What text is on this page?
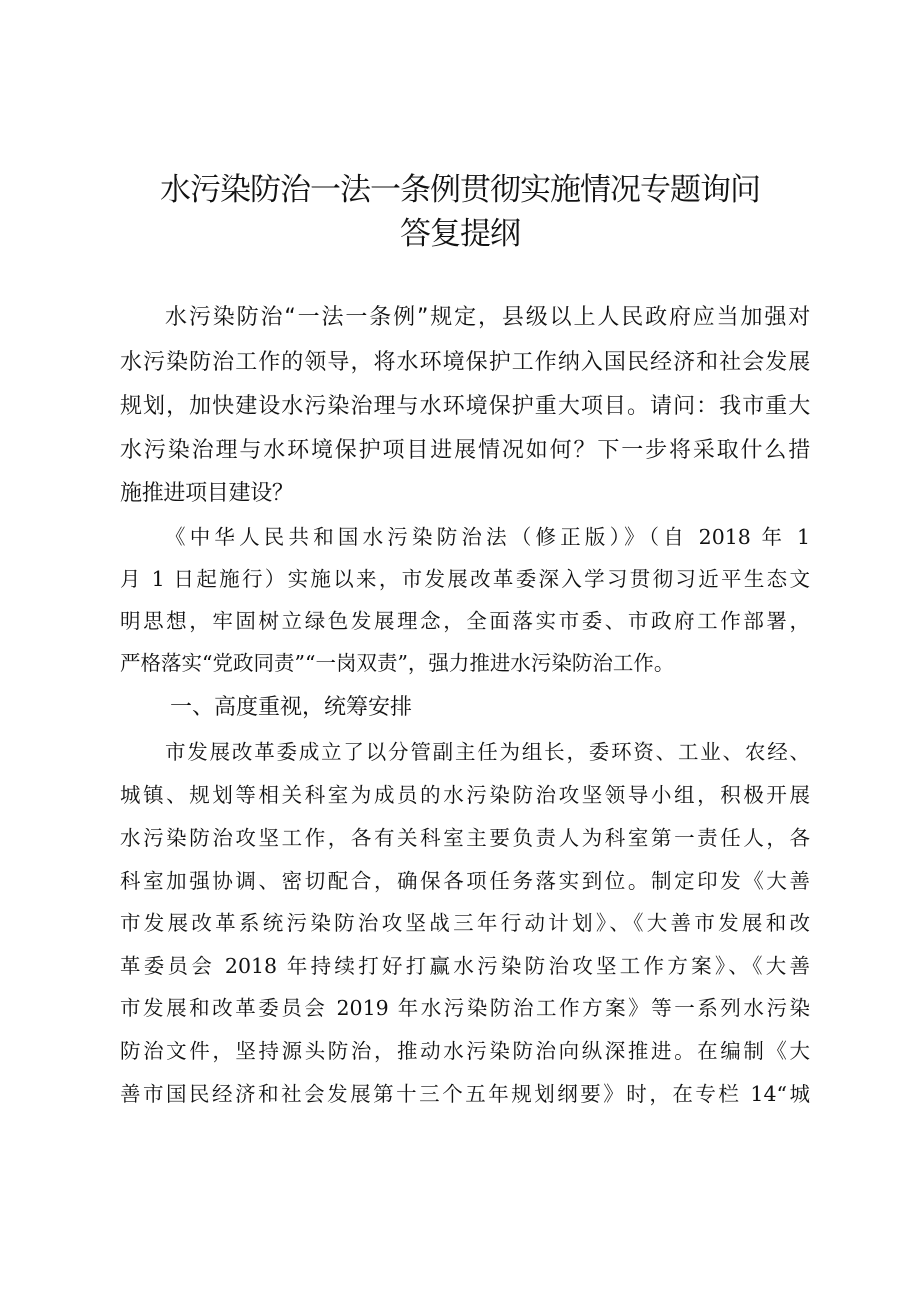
水污染防治一法一条例贯彻实施情况专题询问
答复提纲
水污染防治“一法一条例”规定，县级以上人民政府应当加强对
水污染防治工作的领导，将水环境保护工作纳入国民经济和社会发展
规划，加快建设水污染治理与水环境保护重大项目。请问：我市重大
水污染治理与水环境保护项目进展情况如何？下一步将采取什么措
施推进项目建设？
《中华人民共和国水污染防治法（修正版）》（自 2018 年 1
月 1 日起施行）实施以来，市发展改革委深入学习贯彻习近平生态文
明思想，牢固树立绿色发展理念，全面落实市委、市政府工作部署，
严格落实“党政同责”“一岗双责”，强力推进水污染防治工作。
一、高度重视，统筹安排
市发展改革委成立了以分管副主任为组长，委环资、工业、农经、
城镇、规划等相关科室为成员的水污染防治攻坚领导小组，积极开展
水污染防治攻坚工作，各有关科室主要负责人为科室第一责任人，各
科室加强协调、密切配合，确保各项任务落实到位。制定印发《大善
市发展改革系统污染防治攻坚战三年行动计划》、《大善市发展和改
革委员会 2018 年持续打好打赢水污染防治攻坚工作方案》、《大善
市发展和改革委员会 2019 年水污染防治工作方案》等一系列水污染
防治文件，坚持源头防治，推动水污染防治向纵深推进。在编制《大
善市国民经济和社会发展第十三个五年规划纲要》时，在专栏 14“城
